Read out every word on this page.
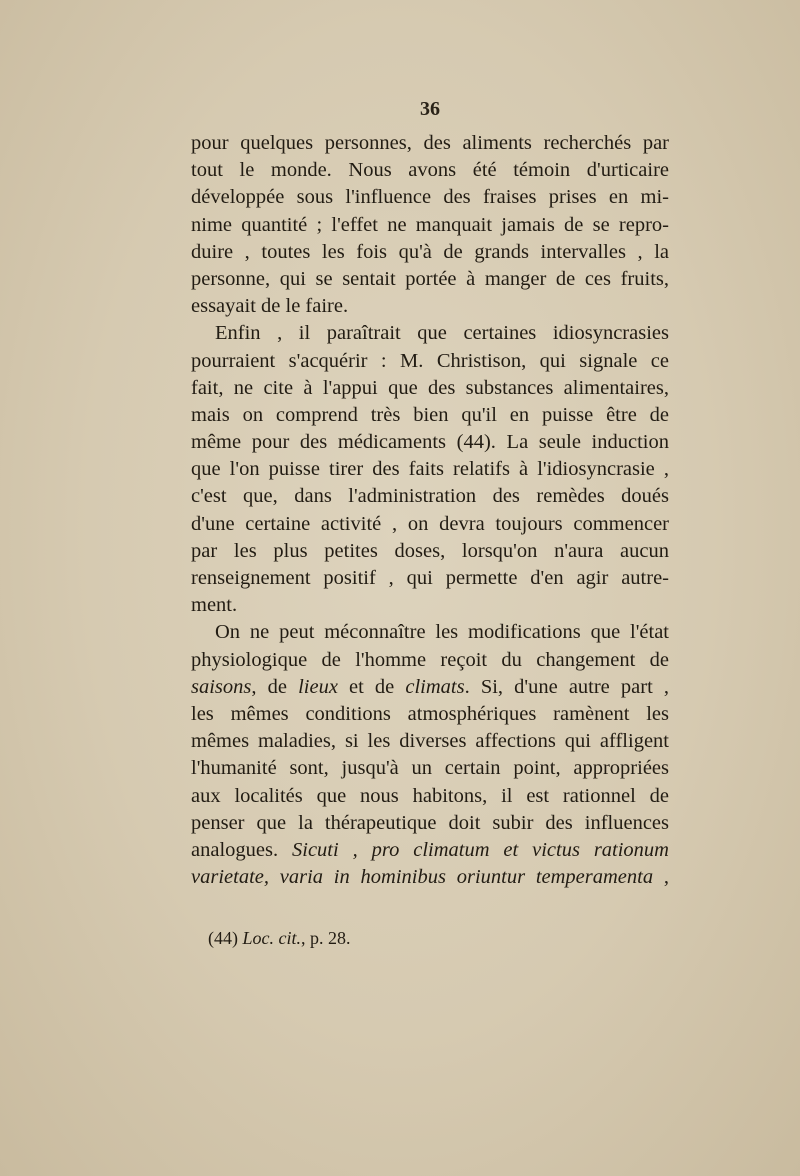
36
pour quelques personnes, des aliments recherchés par
tout le monde. Nous avons été témoin d'urticaire
développée sous l'influence des fraises prises en mi-
nime quantité ; l'effet ne manquait jamais de se repro-
duire , toutes les fois qu'à de grands intervalles , la
personne, qui se sentait portée à manger de ces fruits,
essayait de le faire.
Enfin , il paraîtrait que certaines idiosyncrasies
pourraient s'acquérir : M. Christison, qui signale ce
fait, ne cite à l'appui que des substances alimentaires,
mais on comprend très bien qu'il en puisse être de
même pour des médicaments (44). La seule induction
que l'on puisse tirer des faits relatifs à l'idiosyncrasie ,
c'est que, dans l'administration des remèdes doués
d'une certaine activité , on devra toujours commencer
par les plus petites doses, lorsqu'on n'aura aucun
renseignement positif , qui permette d'en agir autre-
ment.
On ne peut méconnaître les modifications que l'état
physiologique de l'homme reçoit du changement de
saisons, de lieux et de climats. Si, d'une autre part ,
les mêmes conditions atmosphériques ramènent les
mêmes maladies, si les diverses affections qui affligent
l'humanité sont, jusqu'à un certain point, appropriées
aux localités que nous habitons, il est rationnel de
penser que la thérapeutique doit subir des influences
analogues. Sicuti , pro climatum et victus rationum
varietate, varia in hominibus oriuntur temperamenta ,
(44) Loc. cit., p. 28.
